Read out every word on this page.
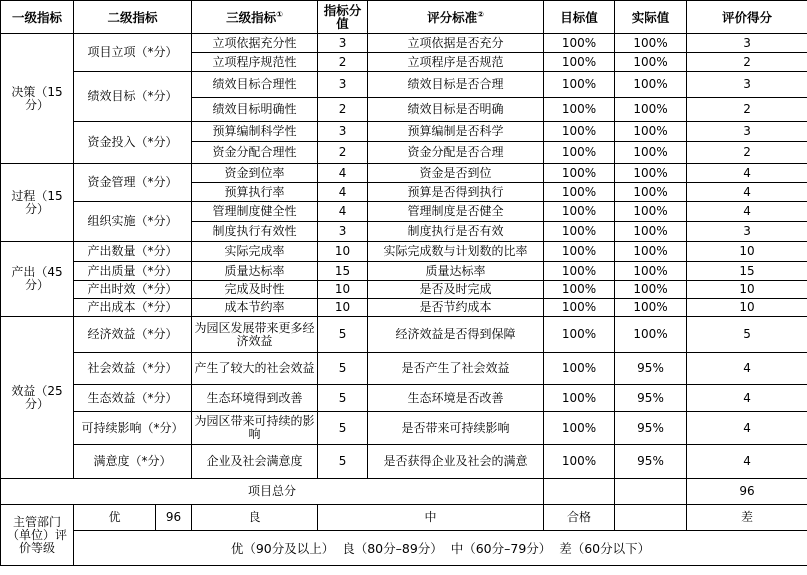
一级指标	二级指标		三级指标①	指标分值	评分标准②	目标值	实际值	评价得分
决策（15分）	项目立项（*分）		立项依据充分性	3	立项依据是否充分	100%	100%	3
			立项程序规范性	2	立项程序是否规范	100%	100%	2
	绩效目标（*分）		绩效目标合理性	3	绩效目标是否合理	100%	100%	3
			绩效目标明确性	2	绩效目标是否明确	100%	100%	2
	资金投入（*分）		预算编制科学性	3	预算编制是否科学	100%	100%	3
			资金分配合理性	2	资金分配是否合理	100%	100%	2
过程（15分）	资金管理（*分）		资金到位率	4	资金是否到位	100%	100%	4
			预算执行率	4	预算是否得到执行	100%	100%	4
	组织实施（*分）		管理制度健全性	4	管理制度是否健全	100%	100%	4
			制度执行有效性	3	制度执行是否有效	100%	100%	3
产出（45分）	产出数量（*分）		实际完成率	10	实际完成数与计划数的比率	100%	100%	10
	产出质量（*分）		质量达标率	15	质量达标率	100%	100%	15
	产出时效（*分）		完成及时性	10	是否及时完成	100%	100%	10
	产出成本（*分）		成本节约率	10	是否节约成本	100%	100%	10
效益（25分）	经济效益（*分）		为园区发展带来更多经济效益	5	经济效益是否得到保障	100%	100%	5
	社会效益（*分）		产生了较大的社会效益	5	是否产生了社会效益	100%	95%	4
	生态效益（*分）		生态环境得到改善	5	生态环境是否改善	100%	95%	4
	可持续影响（*分）		为园区带来可持续的影响	5	是否带来可持续影响	100%	95%	4
	满意度（*分）		企业及社会满意度	5	是否获得企业及社会的满意	100%	95%	4
项目总分								96
主管部门（单位）评价等级	优	96	良	中		合格		差
	优（90分及以上）  良（80分–89分）  中（60分–79分）  差（60分以下）							
